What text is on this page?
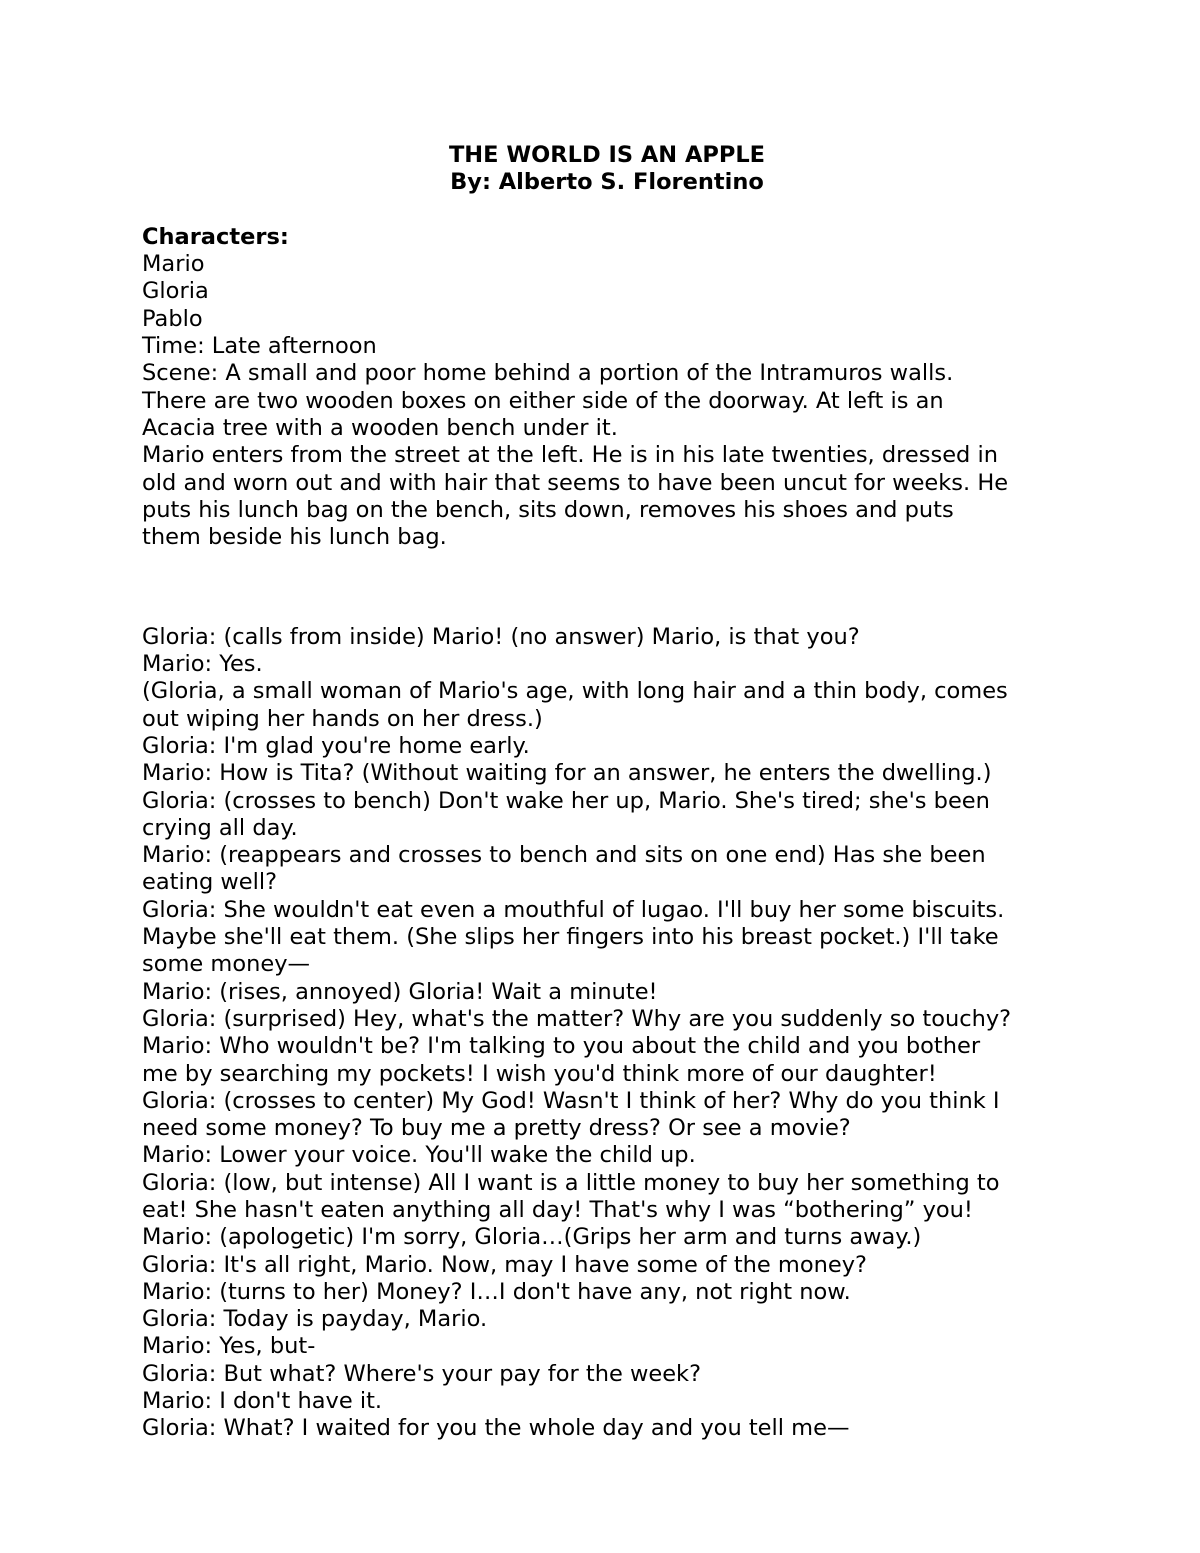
THE WORLD IS AN APPLE

By: Alberto S. Florentino

Characters:

Mario

Gloria

Pablo

Time: Late afternoon

Scene: A small and poor home behind a portion of the Intramuros walls.

There are two wooden boxes on either side of the doorway. At left is an

Acacia tree with a wooden bench under it.

Mario enters from the street at the left. He is in his late twenties, dressed in

old and worn out and with hair that seems to have been uncut for weeks. He

puts his lunch bag on the bench, sits down, removes his shoes and puts

them beside his lunch bag.

Gloria: (calls from inside) Mario! (no answer) Mario, is that you?

Mario: Yes.

(Gloria, a small woman of Mario's age, with long hair and a thin body, comes

out wiping her hands on her dress.)

Gloria: I'm glad you're home early.

Mario: How is Tita? (Without waiting for an answer, he enters the dwelling.)

Gloria: (crosses to bench) Don't wake her up, Mario. She's tired; she's been

crying all day.

Mario: (reappears and crosses to bench and sits on one end) Has she been

eating well?

Gloria: She wouldn't eat even a mouthful of lugao. I'll buy her some biscuits.

Maybe she'll eat them. (She slips her fingers into his breast pocket.) I'll take

some money—

Mario: (rises, annoyed) Gloria! Wait a minute!

Gloria: (surprised) Hey, what's the matter? Why are you suddenly so touchy?

Mario: Who wouldn't be? I'm talking to you about the child and you bother

me by searching my pockets! I wish you'd think more of our daughter!

Gloria: (crosses to center) My God! Wasn't I think of her? Why do you think I

need some money? To buy me a pretty dress? Or see a movie?

Mario: Lower your voice. You'll wake the child up.

Gloria: (low, but intense) All I want is a little money to buy her something to

eat! She hasn't eaten anything all day! That's why I was “bothering” you!

Mario: (apologetic) I'm sorry, Gloria…(Grips her arm and turns away.)

Gloria: It's all right, Mario. Now, may I have some of the money?

Mario: (turns to her) Money? I…I don't have any, not right now.

Gloria: Today is payday, Mario.

Mario: Yes, but-

Gloria: But what? Where's your pay for the week?

Mario: I don't have it.

Gloria: What? I waited for you the whole day and you tell me—
